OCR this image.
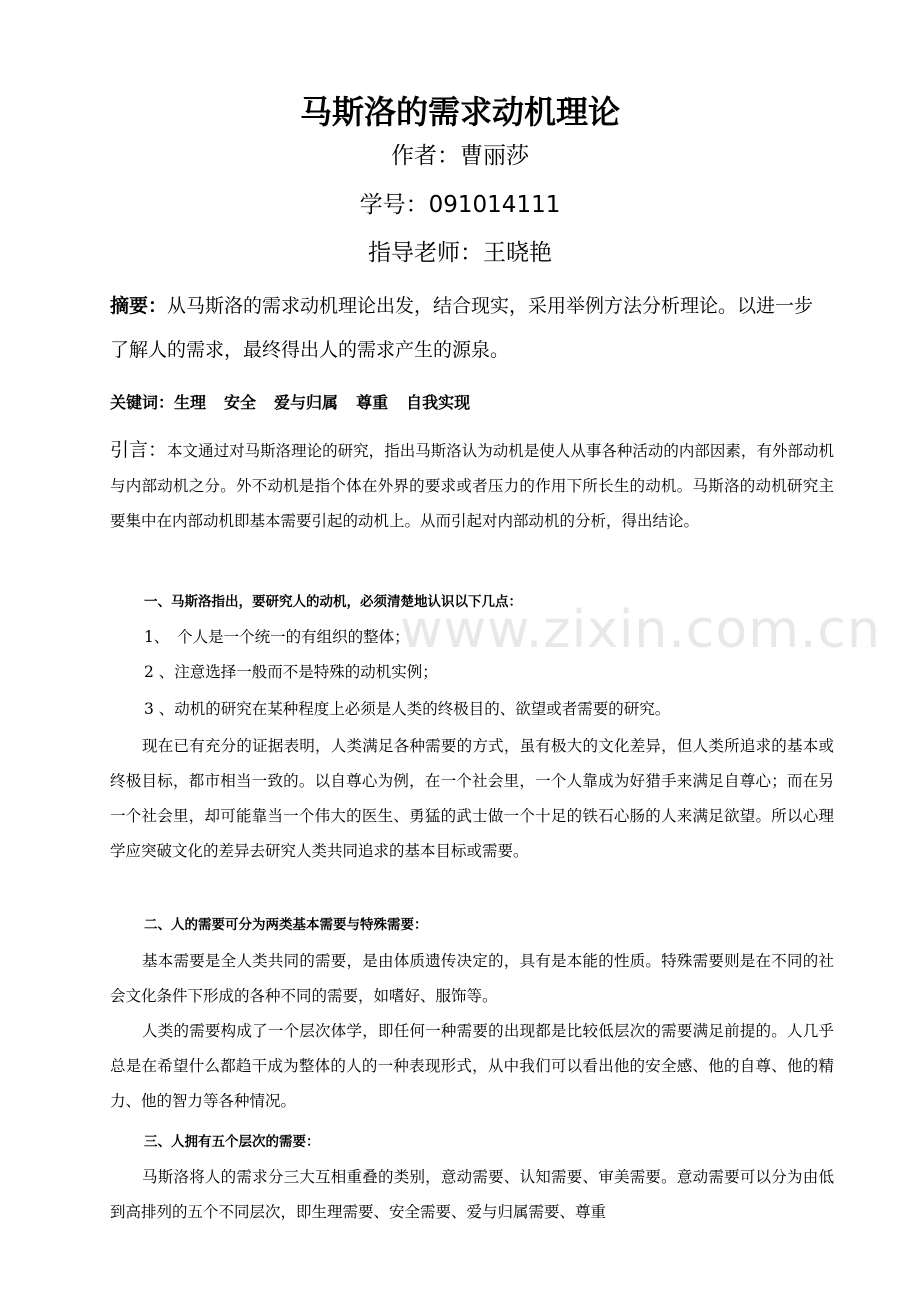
马斯洛的需求动机理论
作者：曹丽莎
学号：091014111
指导老师：王晓艳
摘要：从马斯洛的需求动机理论出发，结合现实，采用举例方法分析理论。以进一步了解人的需求，最终得出人的需求产生的源泉。
关键词：生理 安全 爱与归属 尊重 自我实现
引言：本文通过对马斯洛理论的研究，指出马斯洛认为动机是使人从事各种活动的内部因素，有外部动机与内部动机之分。外不动机是指个体在外界的要求或者压力的作用下所长生的动机。马斯洛的动机研究主要集中在内部动机即基本需要引起的动机上。从而引起对内部动机的分析，得出结论。
一、马斯洛指出，要研究人的动机，必须清楚地认识以下几点：
1、　个人是一个统一的有组织的整体；
2 、注意选择一般而不是特殊的动机实例；
3 、动机的研究在某种程度上必须是人类的终极目的、欲望或者需要的研究。

现在已有充分的证据表明，人类满足各种需要的方式，虽有极大的文化差异，但人类所追求的基本或终极目标，都市相当一致的。以自尊心为例，在一个社会里，一个人靠成为好猎手来满足自尊心；而在另一个社会里，却可能靠当一个伟大的医生、勇猛的武士做一个十足的铁石心肠的人来满足欲望。所以心理学应突破文化的差异去研究人类共同追求的基本目标或需要。

二、人的需要可分为两类基本需要与特殊需要：

基本需要是全人类共同的需要，是由体质遗传决定的，具有是本能的性质。特殊需要则是在不同的社会文化条件下形成的各种不同的需要，如嗜好、服饰等。

人类的需要构成了一个层次体学，即任何一种需要的出现都是比较低层次的需要满足前提的。人几乎总是在希望什么都趋干成为整体的人的一种表现形式，从中我们可以看出他的安全感、他的自尊、他的精力、他的智力等各种情况。

三、人拥有五个层次的需要：

马斯洛将人的需求分三大互相重叠的类别，意动需要、认知需要、审美需要。意动需要可以分为由低到高排列的五个不同层次，即生理需要、安全需要、爱与归属需要、尊重

www.zixin.com.cn
